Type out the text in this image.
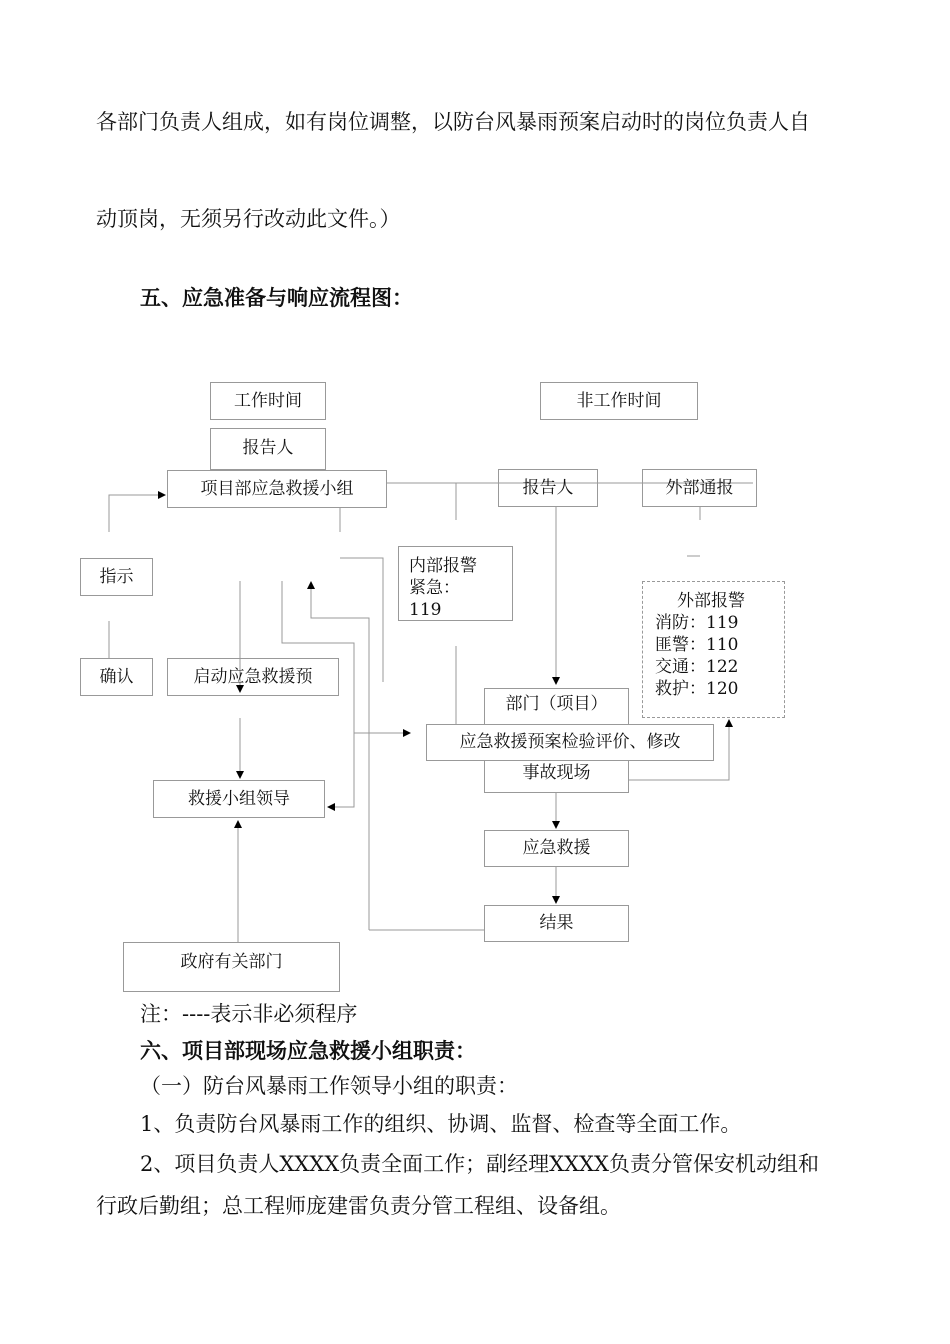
各部门负责人组成，如有岗位调整，以防台风暴雨预案启动时的岗位负责人自
动顶岗，无须另行改动此文件。）
五、应急准备与响应流程图：
工作时间	非工作时间
报告人
项目部应急救援小组	报告人	外部通报
指示
确认	启动应急救援预
内部报警
紧急：
119	外部报警
消防：119
匪警：110
交通：122
救护：120
部门（项目）
事故现场
应急救援预案检验评价、修改
救援小组领导
应急救援
结果
政府有关部门
注：----表示非必须程序
六、项目部现场应急救援小组职责：
（一）防台风暴雨工作领导小组的职责：
1、负责防台风暴雨工作的组织、协调、监督、检查等全面工作。
2、项目负责人XXXX负责全面工作；副经理XXXX负责分管保安机动组和
行政后勤组；总工程师庞建雷负责分管工程组、设备组。
